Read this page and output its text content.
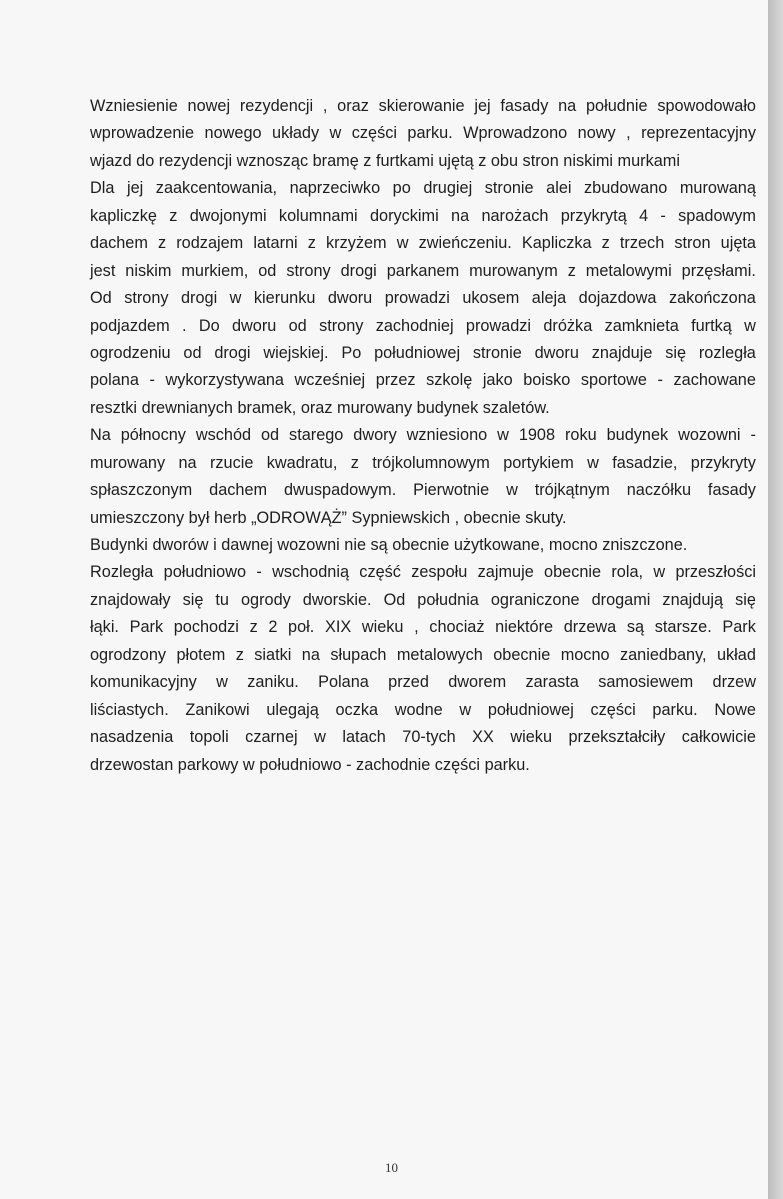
Wzniesienie nowej rezydencji , oraz skierowanie jej fasady na południe spowodowało
wprowadzenie nowego układy w części parku. Wprowadzono nowy , reprezentacyjny
wjazd do rezydencji wznosząc bramę z furtkami ujętą z obu stron niskimi murkami
Dla jej zaakcentowania, naprzeciwko po drugiej stronie alei zbudowano murowaną
kapliczkę z dwojonymi kolumnami doryckimi na narożach przykrytą 4 - spadowym
dachem z rodzajem latarni z krzyżem w zwieńczeniu. Kapliczka z trzech stron ujęta
jest niskim murkiem, od strony drogi parkanem murowanym z metalowymi przęsłami.
Od strony drogi w kierunku dworu prowadzi ukosem aleja dojazdowa zakończona
podjazdem . Do dworu od strony zachodniej prowadzi dróżka zamknieta furtką w
ogrodzeniu od drogi wiejskiej. Po południowej stronie dworu znajduje się rozległa
polana - wykorzystywana wcześniej przez szkolę jako boisko sportowe - zachowane
resztki drewnianych bramek, oraz murowany budynek szaletów.
Na północny wschód od starego dwory wzniesiono w 1908 roku budynek wozowni -
murowany na rzucie kwadratu, z trójkolumnowym portykiem w fasadzie, przykryty
spłaszczonym dachem dwuspadowym. Pierwotnie w trójkątnym naczółku fasady
umieszczony był herb „ODROWĄŻ” Sypniewskich , obecnie skuty.
Budynki dworów i dawnej wozowni nie są obecnie użytkowane, mocno zniszczone.
Rozległa południowo - wschodnią część zespołu zajmuje obecnie rola, w przeszłości
znajdowały się tu ogrody dworskie. Od południa ograniczone drogami znajdują się
łąki. Park pochodzi z 2 poł. XIX wieku , chociaż niektóre drzewa są starsze. Park
ogrodzony płotem z siatki na słupach metalowych obecnie mocno zaniedbany, układ
komunikacyjny w zaniku. Polana przed dworem zarasta samosiewem drzew
liściastych. Zanikowi ulegają oczka wodne w południowej części parku. Nowe
nasadzenia topoli czarnej w latach 70-tych XX wieku przekształciły całkowicie
drzewostan parkowy w południowo - zachodnie części parku.
10
